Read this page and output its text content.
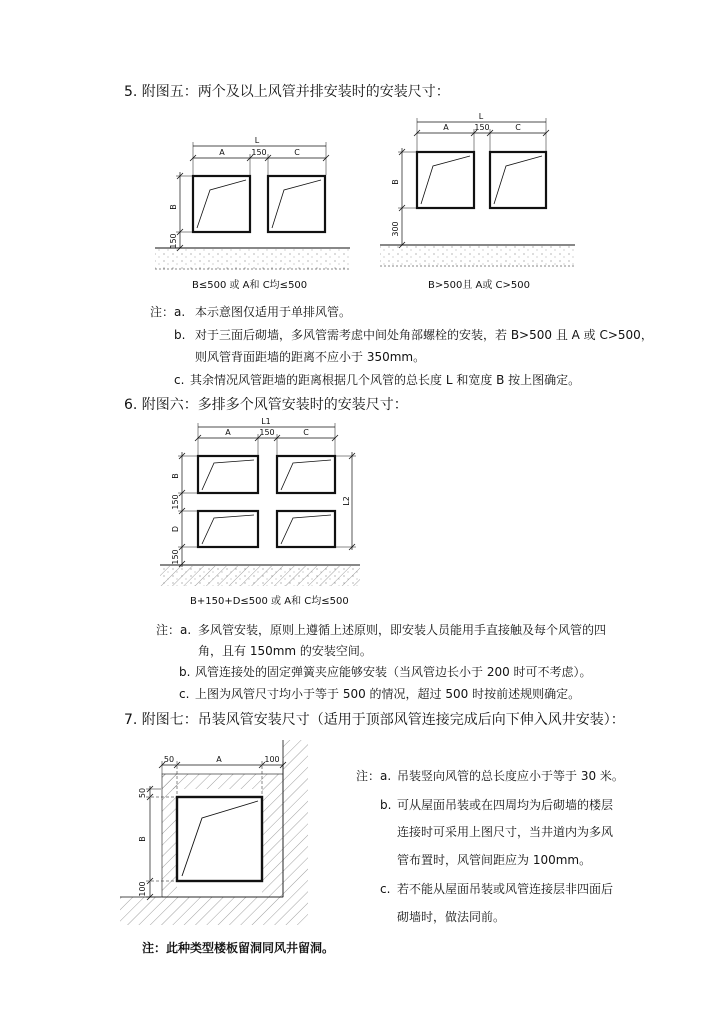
L
A	150	C
B
150
L
A	150	C
B
300
L1
A	150	C
B
150
D
150
L2
50	A	100
50
B
100
5. 附图五：两个及以上风管并排安装时的安装尺寸：
B≤500 或 A和 C均≤500	B>500且 A或 C>500
注：a. 本示意图仅适用于单排风管。
b. 对于三面后砌墙，多风管需考虑中间处角部螺栓的安装，若 B>500 且 A 或 C>500，
则风管背面距墙的距离不应小于 350mm。
c. 其余情况风管距墙的距离根据几个风管的总长度 L 和宽度 B 按上图确定。
6. 附图六：多排多个风管安装时的安装尺寸：
B+150+D≤500 或 A和 C均≤500
注：a. 多风管安装，原则上遵循上述原则，即安装人员能用手直接触及每个风管的四
角，且有 150mm 的安装空间。
b. 风管连接处的固定弹簧夹应能够安装（当风管边长小于 200 时可不考虑）。
c. 上图为风管尺寸均小于等于 500 的情况，超过 500 时按前述规则确定。
7. 附图七：吊装风管安装尺寸（适用于顶部风管连接完成后向下伸入风井安装）：
注：a. 吊装竖向风管的总长度应小于等于 30 米。
b. 可从屋面吊装或在四周均为后砌墙的楼层
连接时可采用上图尺寸，当井道内为多风
管布置时，风管间距应为 100mm。
c. 若不能从屋面吊装或风管连接层非四面后
砌墙时，做法同前。
注：此种类型楼板留洞同风井留洞。
